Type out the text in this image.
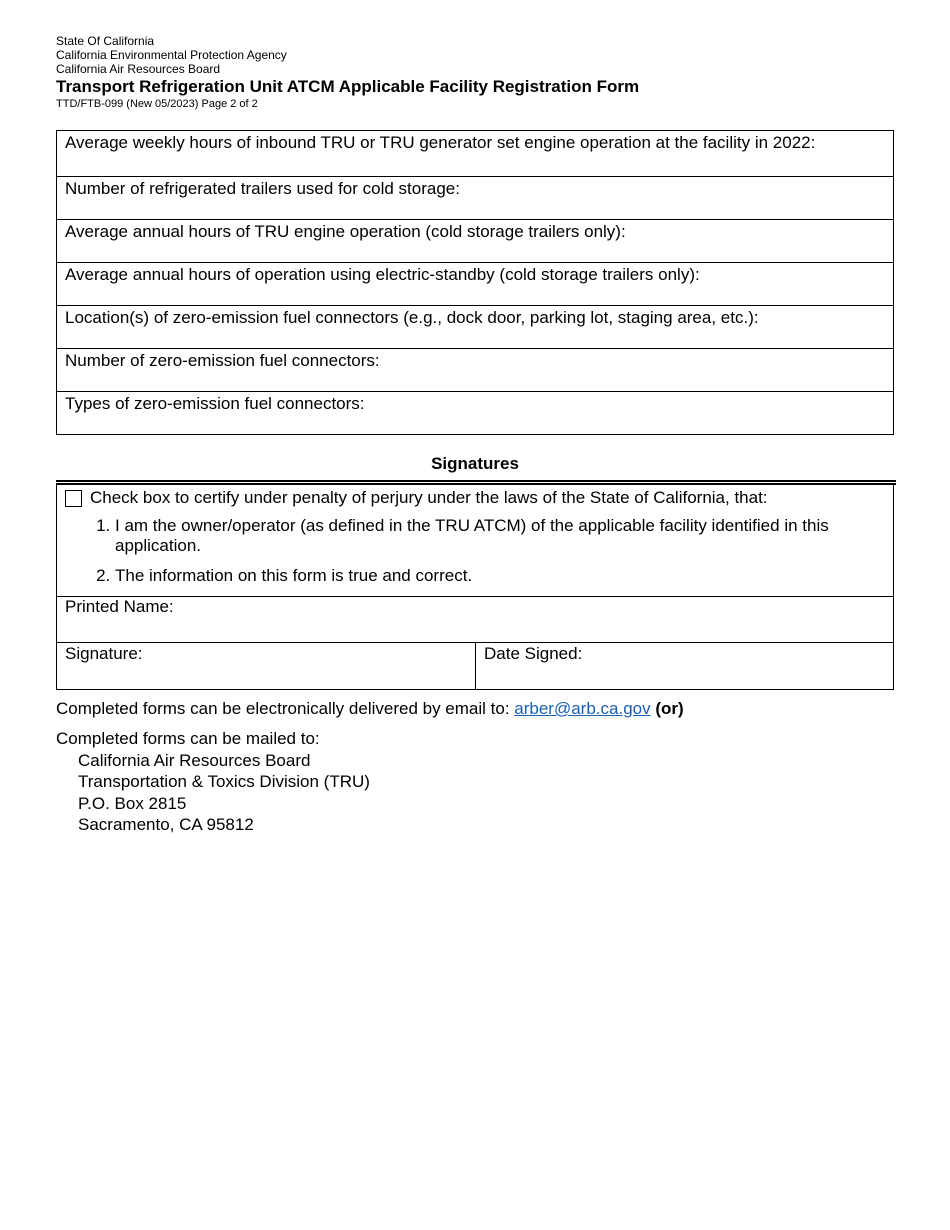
State Of California
California Environmental Protection Agency
California Air Resources Board
Transport Refrigeration Unit ATCM Applicable Facility Registration Form
TTD/FTB-099 (New 05/2023) Page 2 of 2
Average weekly hours of inbound TRU or TRU generator set engine operation at the facility in 2022:
Number of refrigerated trailers used for cold storage:
Average annual hours of TRU engine operation (cold storage trailers only):
Average annual hours of operation using electric-standby (cold storage trailers only):
Location(s) of zero-emission fuel connectors (e.g., dock door, parking lot, staging area, etc.):
Number of zero-emission fuel connectors:
Types of zero-emission fuel connectors:
Signatures
Check box to certify under penalty of perjury under the laws of the State of California, that:
1. I am the owner/operator (as defined in the TRU ATCM) of the applicable facility identified in this application.
2. The information on this form is true and correct.
Printed Name:
Signature:	Date Signed:
Completed forms can be electronically delivered by email to: arber@arb.ca.gov (or)
Completed forms can be mailed to:
California Air Resources Board
Transportation & Toxics Division (TRU)
P.O. Box 2815
Sacramento, CA 95812
